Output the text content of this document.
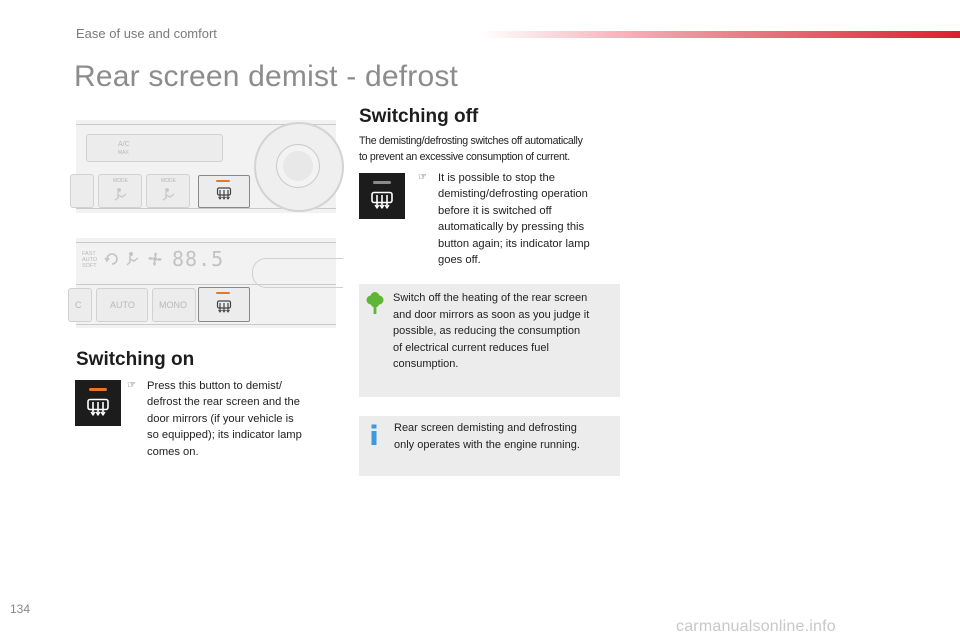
Ease of use and comfort
Rear screen demist - defrost
A/C
MAX
MODE	MODE
FAST
AUTO
SOFT	88.5
C	AUTO	MONO
Switching on
☞ Press this button to demist/
defrost the rear screen and the
door mirrors (if your vehicle is
so equipped); its indicator lamp
comes on.
Switching off
The demisting/defrosting switches off automatically
to prevent an excessive consumption of current.
☞ It is possible to stop the
demisting/defrosting operation
before it is switched off
automatically by pressing this
button again; its indicator lamp
goes off.
Switch off the heating of the rear screen
and door mirrors as soon as you judge it
possible, as reducing the consumption
of electrical current reduces fuel
consumption.
Rear screen demisting and defrosting
only operates with the engine running.
134
carmanualsonline.info
